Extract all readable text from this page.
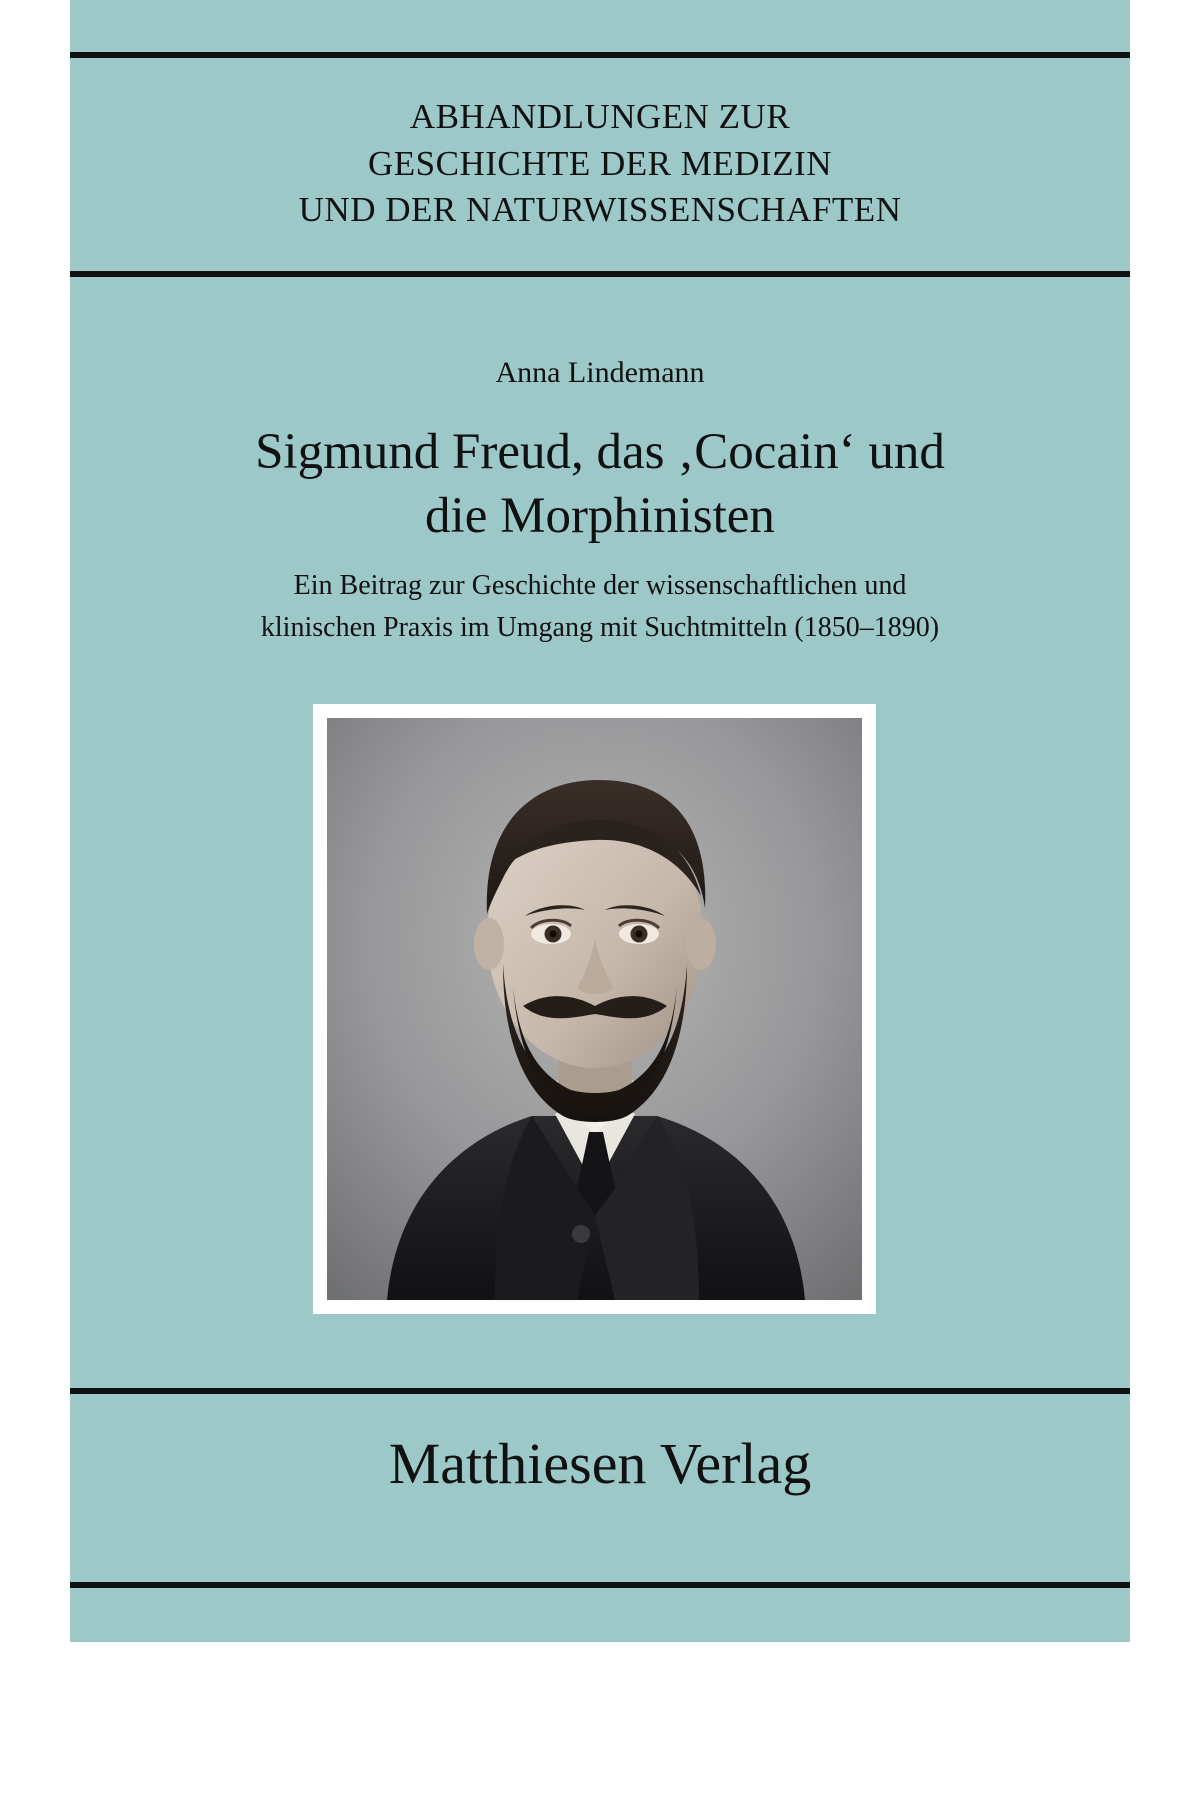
ABHANDLUNGEN ZUR
GESCHICHTE DER MEDIZIN
UND DER NATURWISSENSCHAFTEN
Anna Lindemann
Sigmund Freud, das ‚Cocain‘ und
die Morphinisten
Ein Beitrag zur Geschichte der wissenschaftlichen und
klinischen Praxis im Umgang mit Suchtmitteln (1850–1890)
Matthiesen Verlag
